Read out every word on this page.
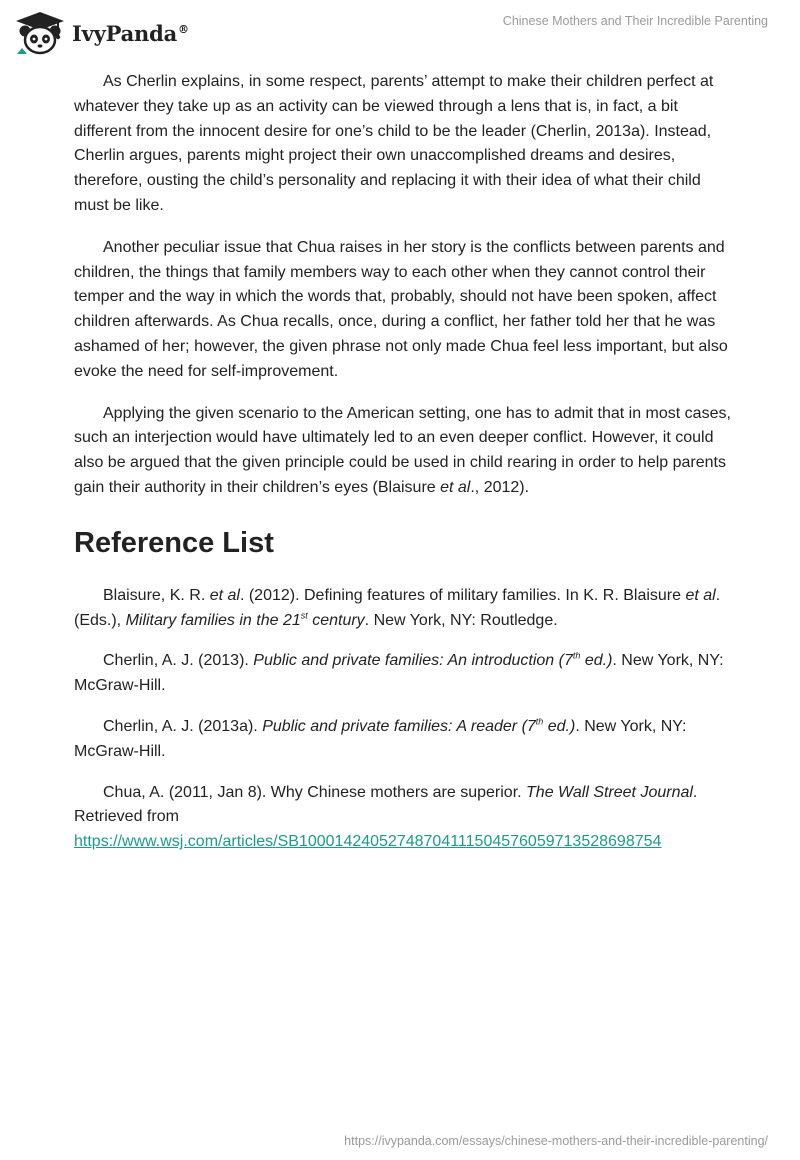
IvyPanda®
Chinese Mothers and Their Incredible Parenting

As Cherlin explains, in some respect, parents’ attempt to make their children perfect at whatever they take up as an activity can be viewed through a lens that is, in fact, a bit different from the innocent desire for one’s child to be the leader (Cherlin, 2013a). Instead, Cherlin argues, parents might project their own unaccomplished dreams and desires, therefore, ousting the child’s personality and replacing it with their idea of what their child must be like.

Another peculiar issue that Chua raises in her story is the conflicts between parents and children, the things that family members way to each other when they cannot control their temper and the way in which the words that, probably, should not have been spoken, affect children afterwards. As Chua recalls, once, during a conflict, her father told her that he was ashamed of her; however, the given phrase not only made Chua feel less important, but also evoke the need for self-improvement.

Applying the given scenario to the American setting, one has to admit that in most cases, such an interjection would have ultimately led to an even deeper conflict. However, it could also be argued that the given principle could be used in child rearing in order to help parents gain their authority in their children’s eyes (Blaisure et al., 2012).

Reference List

Blaisure, K. R. et al. (2012). Defining features of military families. In K. R. Blaisure et al. (Eds.), Military families in the 21st century. New York, NY: Routledge.

Cherlin, A. J. (2013). Public and private families: An introduction (7th ed.). New York, NY: McGraw-Hill.

Cherlin, A. J. (2013a). Public and private families: A reader (7th ed.). New York, NY: McGraw-Hill.

Chua, A. (2011, Jan 8). Why Chinese mothers are superior. The Wall Street Journal. Retrieved from https://www.wsj.com/articles/SB10001424052748704111504576059713528698754

https://ivypanda.com/essays/chinese-mothers-and-their-incredible-parenting/
